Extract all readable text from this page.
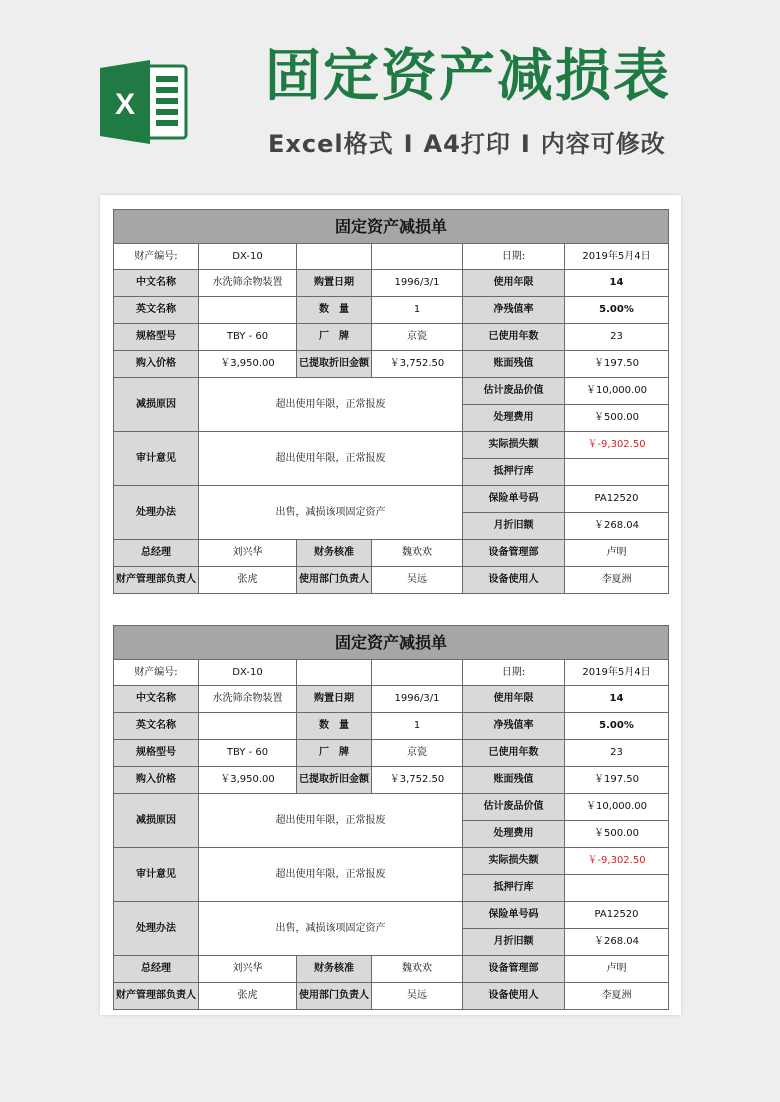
X 固定资产减损表
Excel格式 I A4打印 I 内容可修改
固定资产减损单					
财产编号:	DX-10			日期:	2019年5月4日
中文名称	水洗筛余物装置	购置日期	1996/3/1	使用年限	14
英文名称		数　量	1	净残值率	5.00%
规格型号	TBY - 60	厂　牌	京瓷	已使用年数	23
购入价格	￥3,950.00	已提取折旧金额	￥3,752.50	账面残值	￥197.50
减损原因	超出使用年限，正常报废			估计废品价值	￥10,000.00
				处理费用	￥500.00
审计意见	超出使用年限，正常报废			实际损失额	￥-9,302.50
				抵押行库	
处理办法	出售，减损该项固定资产			保险单号码	PA12520
				月折旧额	￥268.04
总经理	刘兴华	财务核准	魏欢欢	设备管理部	卢明
财产管理部负责人	张虎	使用部门负责人	吴远	设备使用人	李夏洲
固定资产减损单					
财产编号:	DX-10			日期:	2019年5月4日
中文名称	水洗筛余物装置	购置日期	1996/3/1	使用年限	14
英文名称		数　量	1	净残值率	5.00%
规格型号	TBY - 60	厂　牌	京瓷	已使用年数	23
购入价格	￥3,950.00	已提取折旧金额	￥3,752.50	账面残值	￥197.50
减损原因	超出使用年限，正常报废			估计废品价值	￥10,000.00
				处理费用	￥500.00
审计意见	超出使用年限，正常报废			实际损失额	￥-9,302.50
				抵押行库	
处理办法	出售，减损该项固定资产			保险单号码	PA12520
				月折旧额	￥268.04
总经理	刘兴华	财务核准	魏欢欢	设备管理部	卢明
财产管理部负责人	张虎	使用部门负责人	吴远	设备使用人	李夏洲
